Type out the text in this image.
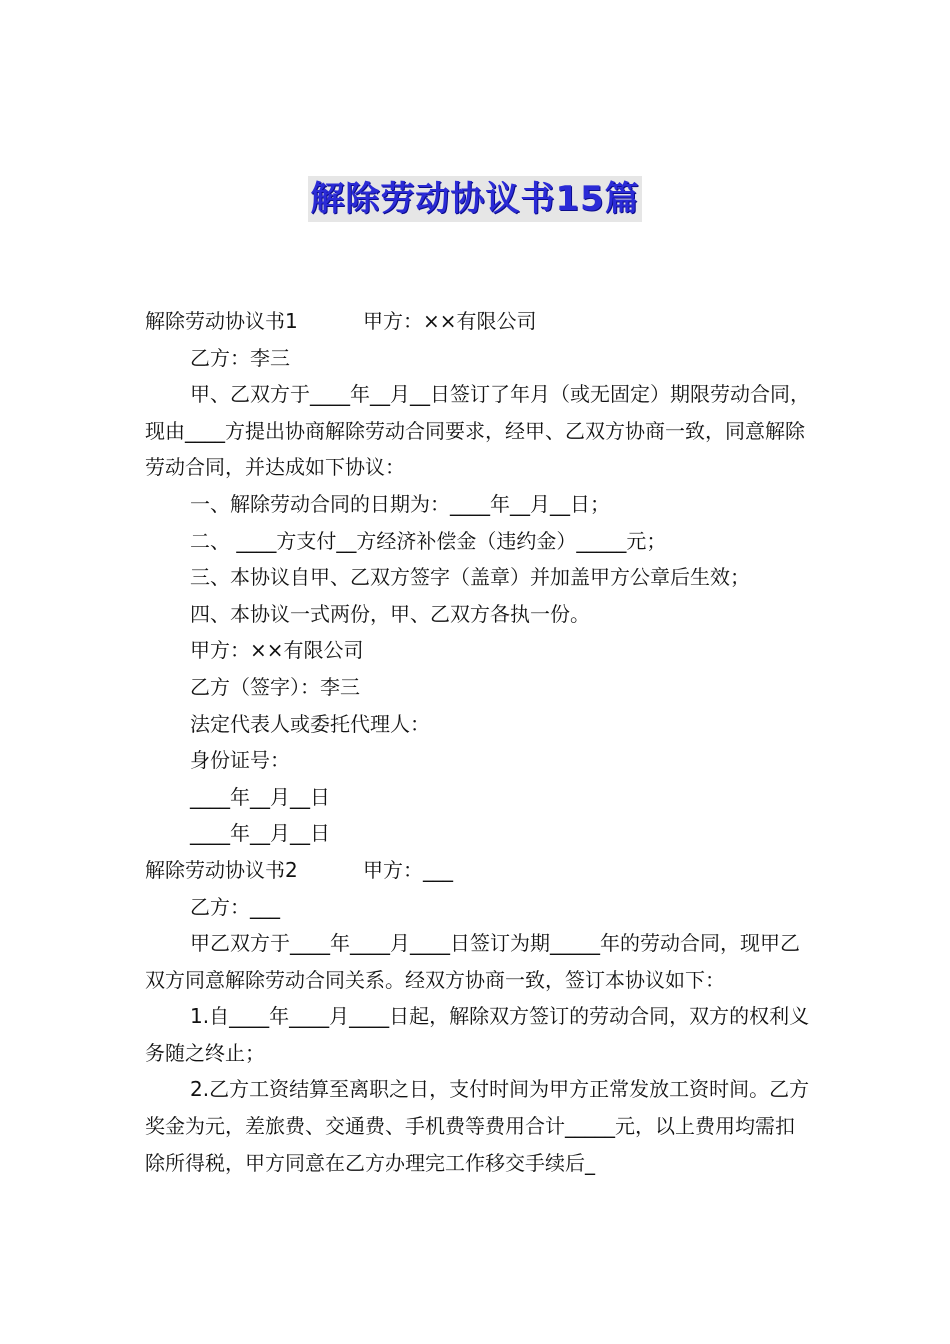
解除劳动协议书15篇
解除劳动协议书1	甲方：××有限公司

乙方：李三

甲、乙双方于____年__月__日签订了年月（或无固定）期限劳动合同，现由____方提出协商解除劳动合同要求，经甲、乙双方协商一致，同意解除劳动合同，并达成如下协议：

一、解除劳动合同的日期为：____年__月__日；

二、 ____方支付__方经济补偿金（违约金）_____元；

三、本协议自甲、乙双方签字（盖章）并加盖甲方公章后生效；

四、本协议一式两份，甲、乙双方各执一份。

甲方：××有限公司

乙方（签字）：李三

法定代表人或委托代理人：

身份证号：

____年__月__日

____年__月__日

解除劳动协议书2	甲方：___

乙方：___

甲乙双方于____年____月____日签订为期_____年的劳动合同，现甲乙双方同意解除劳动合同关系。经双方协商一致，签订本协议如下：

1.自____年____月____日起，解除双方签订的劳动合同，双方的权利义务随之终止；

2.乙方工资结算至离职之日，支付时间为甲方正常发放工资时间。乙方奖金为元，差旅费、交通费、手机费等费用合计_____元，以上费用均需扣除所得税，甲方同意在乙方办理完工作移交手续后_
